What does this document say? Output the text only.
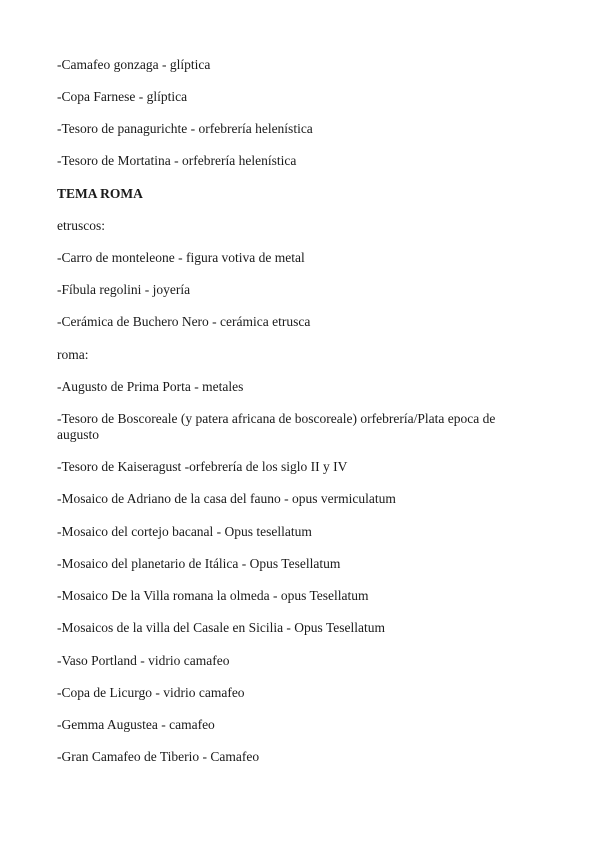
-Camafeo gonzaga - glíptica
-Copa Farnese - glíptica
-Tesoro de panagurichte - orfebrería helenística
-Tesoro de Mortatina - orfebrería helenística
TEMA ROMA
etruscos:
-Carro de monteleone - figura votiva de metal
-Fíbula regolini - joyería
-Cerámica de Buchero Nero - cerámica etrusca
roma:
-Augusto de Prima Porta - metales
-Tesoro de Boscoreale (y patera africana de boscoreale) orfebrería/Plata epoca de augusto
-Tesoro de Kaiseragust -orfebrería de los siglo II y IV
-Mosaico de Adriano de la casa del fauno - opus vermiculatum
-Mosaico del cortejo bacanal - Opus tesellatum
-Mosaico del planetario de Itálica - Opus Tesellatum
-Mosaico De la Villa romana la olmeda - opus Tesellatum
-Mosaicos de la villa del Casale en Sicilia - Opus Tesellatum
-Vaso Portland - vidrio camafeo
-Copa de Licurgo - vidrio camafeo
-Gemma Augustea - camafeo
-Gran Camafeo de Tiberio - Camafeo
